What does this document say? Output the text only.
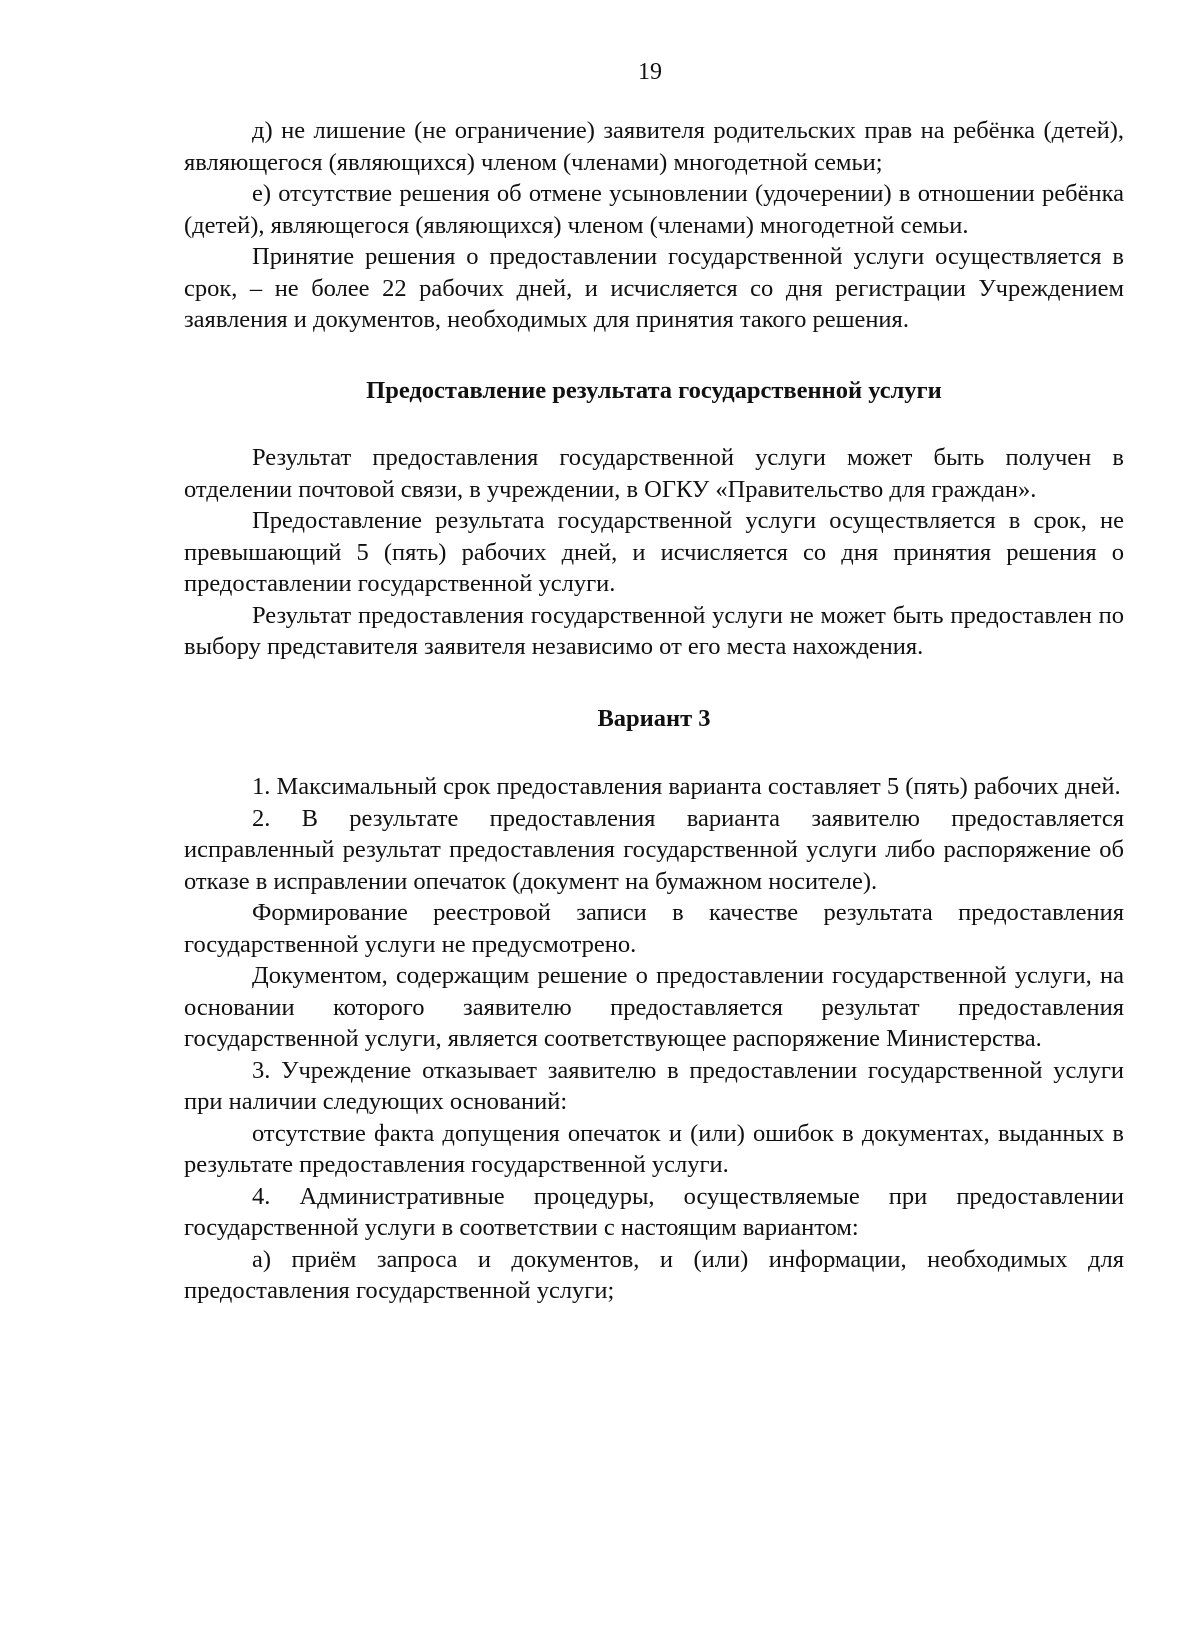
19

д) не лишение (не ограничение) заявителя родительских прав на ребёнка (детей), являющегося (являющихся) членом (членами) многодетной семьи;

е) отсутствие решения об отмене усыновлении (удочерении) в отношении ребёнка (детей), являющегося (являющихся) членом (членами) многодетной семьи.

Принятие решения о предоставлении государственной услуги осуществляется в срок, – не более 22 рабочих дней, и исчисляется со дня регистрации Учреждением заявления и документов, необходимых для принятия такого решения.

Предоставление результата государственной услуги

Результат предоставления государственной услуги может быть получен в отделении почтовой связи, в учреждении, в ОГКУ «Правительство для граждан».

Предоставление результата государственной услуги осуществляется в срок, не превышающий 5 (пять) рабочих дней, и исчисляется со дня принятия решения о предоставлении государственной услуги.

Результат предоставления государственной услуги не может быть предоставлен по выбору представителя заявителя независимо от его места нахождения.

Вариант 3

1. Максимальный срок предоставления варианта составляет 5 (пять) рабочих дней.

2. В результате предоставления варианта заявителю предоставляется исправленный результат предоставления государственной услуги либо распоряжение об отказе в исправлении опечаток (документ на бумажном носителе).

Формирование реестровой записи в качестве результата предоставления государственной услуги не предусмотрено.

Документом, содержащим решение о предоставлении государственной услуги, на основании которого заявителю предоставляется результат предоставления государственной услуги, является соответствующее распоряжение Министерства.

3. Учреждение отказывает заявителю в предоставлении государственной услуги при наличии следующих оснований:

отсутствие факта допущения опечаток и (или) ошибок в документах, выданных в результате предоставления государственной услуги.

4. Административные процедуры, осуществляемые при предоставлении государственной услуги в соответствии с настоящим вариантом:

а) приём запроса и документов, и (или) информации, необходимых для предоставления государственной услуги;
